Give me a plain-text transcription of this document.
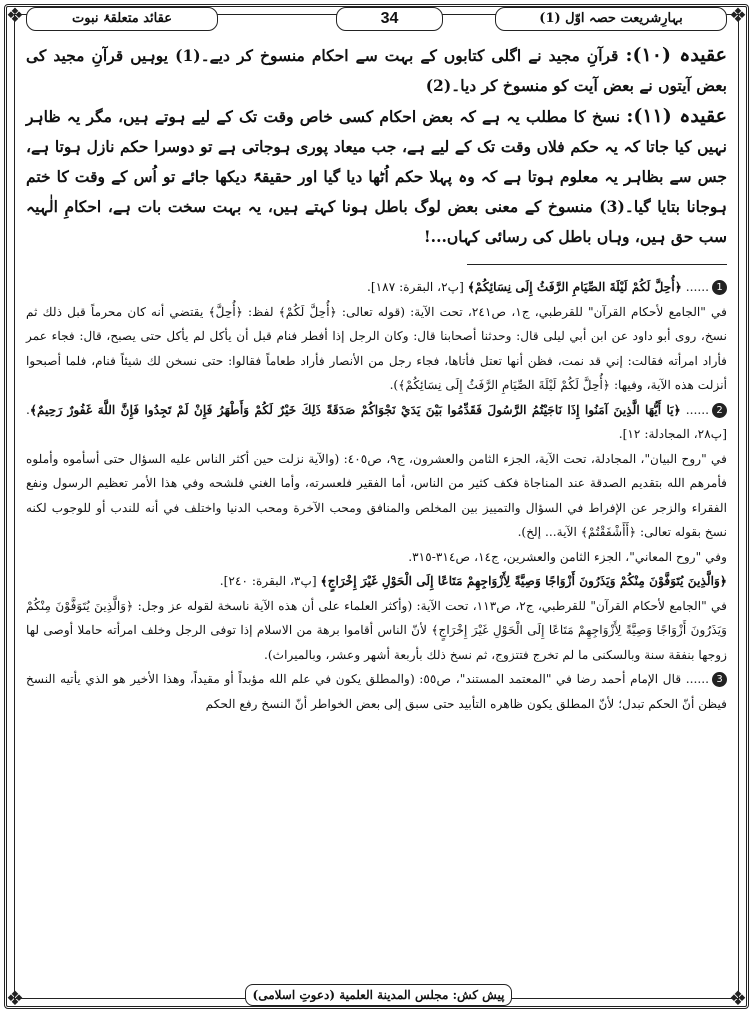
❖	❖
❖	❖
بہارِشریعت حصہ اوّل (1)
34
عقائد متعلقۂ نبوت

عقیدہ (۱۰): قرآنِ مجید نے اگلی کتابوں کے بہت سے احکام منسوخ کر دیے۔(1) یوہیں قرآنِ مجید کی بعض آیتوں نے بعض آیت کو منسوخ کر دیا۔(2)

عقیدہ (۱۱): نسخ کا مطلب یہ ہے کہ بعض احکام کسی خاص وقت تک کے لیے ہوتے ہیں، مگر یہ ظاہر نہیں کیا جاتا کہ یہ حکم فلاں وقت تک کے لیے ہے، جب میعاد پوری ہوجاتی ہے تو دوسرا حکم نازل ہوتا ہے، جس سے بظاہر یہ معلوم ہوتا ہے کہ وہ پہلا حکم اُٹھا دیا گیا اور حقیقۃً دیکھا جائے تو اُس کے وقت کا ختم ہوجانا بتایا گیا۔(3) منسوخ کے معنی بعض لوگ باطل ہونا کہتے ہیں، یہ بہت سخت بات ہے، احکامِ الٰہیہ سب حق ہیں، وہاں باطل کی رسائی کہاں...!

1...... ﴿أُحِلَّ لَكُمْ لَيْلَةَ الصِّيَامِ الرَّفَثُ إِلَى نِسَائِكُمْ﴾ [پ۲، البقرة: ۱۸۷].

في "الجامع لأحكام القرآن" للقرطبي، ج۱، ص۲٤۱، تحت الآية: (قوله تعالى: ﴿أُحِلَّ لَكُمْ﴾ لفظ: ﴿أُحِلَّ﴾ يقتضي أنه كان محرماً قبل ذلك ثم نسخ، روى أبو داود عن ابن أبي ليلى قال: وحدثنا أصحابنا قال: وكان الرجل إذا أفطر فنام قبل أن يأكل لم يأكل حتى يصبح، قال: فجاء عمر فأراد امرأته فقالت: إني قد نمت، فظن أنها تعتل فأتاها، فجاء رجل من الأنصار فأراد طعاماً فقالوا: حتى نسخن لك شيئاً فنام، فلما أصبحوا أنزلت هذه الآية، وفيها: ﴿أُحِلَّ لَكُمْ لَيْلَةَ الصِّيَامِ الرَّفَثُ إِلَى نِسَائِكُمْ﴾).

2...... ﴿يَا أَيُّهَا الَّذِينَ آمَنُوا إِذَا نَاجَيْتُمُ الرَّسُولَ فَقَدِّمُوا بَيْنَ يَدَيْ نَجْوَاكُمْ صَدَقَةً ذَلِكَ خَيْرٌ لَكُمْ وَأَطْهَرُ فَإِنْ لَمْ تَجِدُوا فَإِنَّ اللَّهَ غَفُورٌ رَحِيمٌ﴾. [پ۲۸، المجادلة: ۱۲].

في "روح البيان"، المجادلة، تحت الآية، الجزء الثامن والعشرون، ج۹، ص٤۰٥: (والآية نزلت حين أكثر الناس عليه السؤال حتى أسأموه وأملوه فأمرهم الله بتقديم الصدقة عند المناجاة فكف كثير من الناس، أما الفقير فلعسرته، وأما الغني فلشحه وفي هذا الأمر تعظيم الرسول ونفع الفقراء والزجر عن الإفراط في السؤال والتمييز بين المخلص والمنافق ومحب الآخرة ومحب الدنيا واختلف في أنه للندب أو للوجوب لكنه نسخ بقوله تعالى: ﴿أَأَشْفَقْتُمْ﴾ الآية... إلخ).

وفي "روح المعاني"، الجزء الثامن والعشرين، ج١٤، ص٣١٤-٣١٥.

﴿وَالَّذِينَ يُتَوَفَّوْنَ مِنْكُمْ وَيَذَرُونَ أَزْوَاجًا وَصِيَّةً لِأَزْوَاجِهِمْ مَتَاعًا إِلَى الْحَوْلِ غَيْرَ إِخْرَاجٍ﴾ [پ۳، البقرة: ۲٤۰].

في "الجامع لأحكام القرآن" للقرطبي، ج۲، ص۱۱۳، تحت الآية: (وأكثر العلماء على أن هذه الآية ناسخة لقوله عز وجل: ﴿وَالَّذِينَ يُتَوَفَّوْنَ مِنْكُمْ وَيَذَرُونَ أَزْوَاجًا وَصِيَّةً لِأَزْوَاجِهِمْ مَتَاعًا إِلَى الْحَوْلِ غَيْرَ إِخْرَاجٍ﴾ لأنّ الناس أقاموا برهة من الاسلام إذا توفى الرجل وخلف امرأته حاملا أوصى لها زوجها بنفقة سنة وبالسكنى ما لم تخرج فتتزوج، ثم نسخ ذلك بأربعة أشهر وعشر، وبالميراث).

3...... قال الإمام أحمد رضا في "المعتمد المستند"، ص٥٥: (والمطلق يكون في علم الله مؤبداً أو مقيداً، وهذا الأخير هو الذي يأتيه النسخ فيظن أنّ الحكم تبدل؛ لأنّ المطلق يكون ظاهره التأبيد حتى سبق إلى بعض الخواطر أنّ النسخ رفع الحكم

پیش کش: مجلس المدينة العلمية (دعوتِ اسلامی)
